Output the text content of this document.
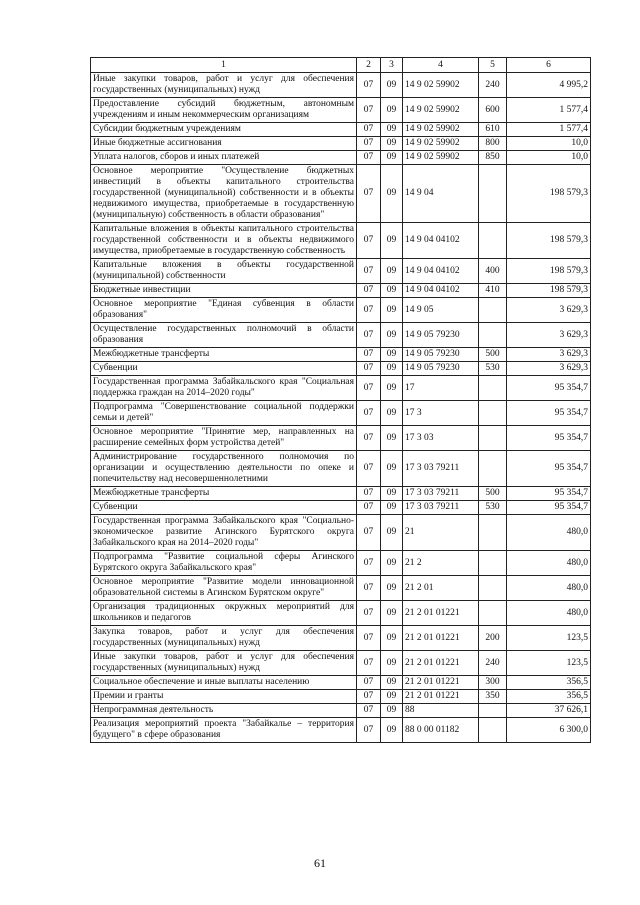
1	2	3	4	5	6
Иные закупки товаров, работ и услуг для обеспечения государственных (муниципальных) нужд	07	09	14 9 02 59902	240	4 995,2
Предоставление субсидий бюджетным, автономным учреждениям и иным некоммерческим организациям	07	09	14 9 02 59902	600	1 577,4
Субсидии бюджетным учреждениям	07	09	14 9 02 59902	610	1 577,4
Иные бюджетные ассигнования	07	09	14 9 02 59902	800	10,0
Уплата налогов, сборов и иных платежей	07	09	14 9 02 59902	850	10,0
Основное мероприятие "Осуществление бюджетных инвестиций в объекты капитального строительства государственной (муниципальной) собственности и в объекты недвижимого имущества, приобретаемые в государственную (муниципальную) собственность в области образования"	07	09	14 9 04		198 579,3
Капитальные вложения в объекты капитального строительства государственной собственности и в объекты недвижимого имущества, приобретаемые в государственную собственность	07	09	14 9 04 04102		198 579,3
Капитальные вложения в объекты государственной (муниципальной) собственности	07	09	14 9 04 04102	400	198 579,3
Бюджетные инвестиции	07	09	14 9 04 04102	410	198 579,3
Основное мероприятие "Единая субвенция в области образования"	07	09	14 9 05		3 629,3
Осуществление государственных полномочий в области образования	07	09	14 9 05 79230		3 629,3
Межбюджетные трансферты	07	09	14 9 05 79230	500	3 629,3
Субвенции	07	09	14 9 05 79230	530	3 629,3
Государственная программа Забайкальского края "Социальная поддержка граждан на 2014–2020 годы"	07	09	17		95 354,7
Подпрограмма "Совершенствование социальной поддержки семьи и детей"	07	09	17 3		95 354,7
Основное мероприятие "Принятие мер, направленных на расширение семейных форм устройства детей"	07	09	17 3 03		95 354,7
Администрирование государственного полномочия по организации и осуществлению деятельности по опеке и попечительству над несовершеннолетними	07	09	17 3 03 79211		95 354,7
Межбюджетные трансферты	07	09	17 3 03 79211	500	95 354,7
Субвенции	07	09	17 3 03 79211	530	95 354,7
Государственная программа Забайкальского края "Социально-экономическое развитие Агинского Бурятского округа Забайкальского края на 2014–2020 годы"	07	09	21		480,0
Подпрограмма "Развитие социальной сферы Агинского Бурятского округа Забайкальского края"	07	09	21 2		480,0
Основное мероприятие "Развитие модели инновационной образовательной системы в Агинском Бурятском округе"	07	09	21 2 01		480,0
Организация традиционных окружных мероприятий для школьников и педагогов	07	09	21 2 01 01221		480,0
Закупка товаров, работ и услуг для обеспечения государственных (муниципальных) нужд	07	09	21 2 01 01221	200	123,5
Иные закупки товаров, работ и услуг для обеспечения государственных (муниципальных) нужд	07	09	21 2 01 01221	240	123,5
Социальное обеспечение и иные выплаты населению	07	09	21 2 01 01221	300	356,5
Премии и гранты	07	09	21 2 01 01221	350	356,5
Непрограммная деятельность	07	09	88		37 626,1
Реализация мероприятий проекта "Забайкалье – территория будущего" в сфере образования	07	09	88 0 00 01182		6 300,0
61
